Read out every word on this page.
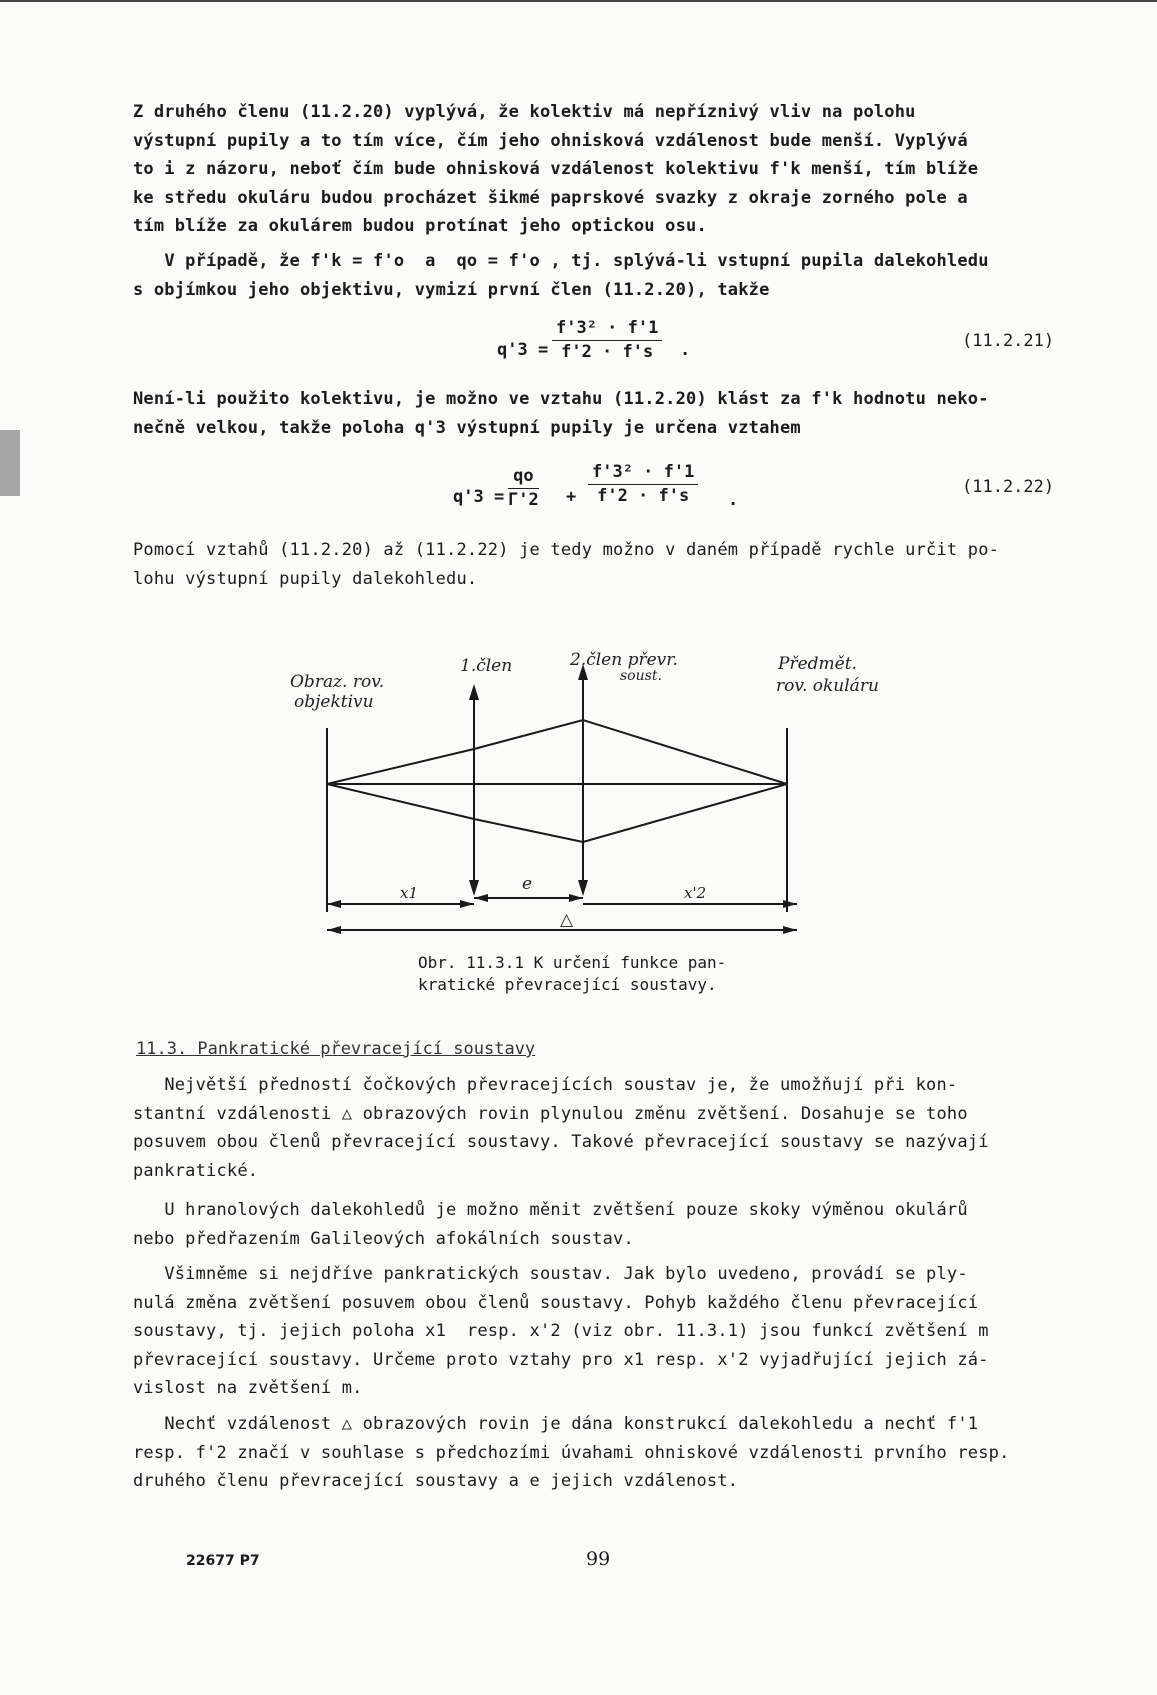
Z druhého členu (11.2.20) vyplývá, že kolektiv má nepříznivý vliv na polohu
výstupní pupily a to tím více, čím jeho ohnisková vzdálenost bude menší. Vyplývá
to i z názoru, neboť čím bude ohnisková vzdálenost kolektivu f'k menší, tím blíže
ke středu okuláru budou procházet šikmé paprskové svazky z okraje zorného pole a
tím blíže za okulárem budou protínat jeho optickou osu.

V případě, že f'k = f'o  a  qo = f'o , tj. splývá-li vstupní pupila dalekohledu
s objímkou jeho objektivu, vymizí první člen (11.2.20), takže

$q'3 = \frac{\text{f'3² · f'1}}{f'2 \cdot f's}$ .	(11.2.21)

Není-li použito kolektivu, je možno ve vztahu (11.2.20) klást za f'k hodnotu neko-
nečně velkou, takže poloha q'3 výstupní pupily je určena vztahem

$q'3 = \frac{qo}{\Gamma'2} + \frac{\text{f'3² · f'1}}{f'2 \cdot f's}$ .
(11.2.22)

Pomocí vztahů (11.2.20) až (11.2.22) je tedy možno v daném případě rychle určit po-
lohu výstupní pupily dalekohledu.

Obraz. rov.
objektivu
1.člen	2.člen převr.
soust.
Předmět.
rov. okuláru
x1	e	x'2
△
Obr. 11.3.1 K určení funkce pan-
kratické převracející soustavy.
11.3. Pankratické převracející soustavy

Největší předností čočkových převracejících soustav je, že umožňují při kon-
stantní vzdálenosti △ obrazových rovin plynulou změnu zvětšení. Dosahuje se toho
posuvem obou členů převracející soustavy. Takové převracející soustavy se nazývají
pankratické.

U hranolových dalekohledů je možno měnit zvětšení pouze skoky výměnou okulárů
nebo předřazením Galileových afokálních soustav.

Všimněme si nejdříve pankratických soustav. Jak bylo uvedeno, provádí se ply-
nulá změna zvětšení posuvem obou členů soustavy. Pohyb každého členu převracející
soustavy, tj. jejich poloha x1  resp. x'2 (viz obr. 11.3.1) jsou funkcí zvětšení m
převracející soustavy. Určeme proto vztahy pro x1 resp. x'2 vyjadřující jejich zá-
vislost na zvětšení m.

Nechť vzdálenost △ obrazových rovin je dána konstrukcí dalekohledu a nechť f'1
resp. f'2 značí v souhlase s předchozími úvahami ohniskové vzdálenosti prvního resp.
druhého členu převracející soustavy a e jejich vzdálenost.

22677 P7	99
